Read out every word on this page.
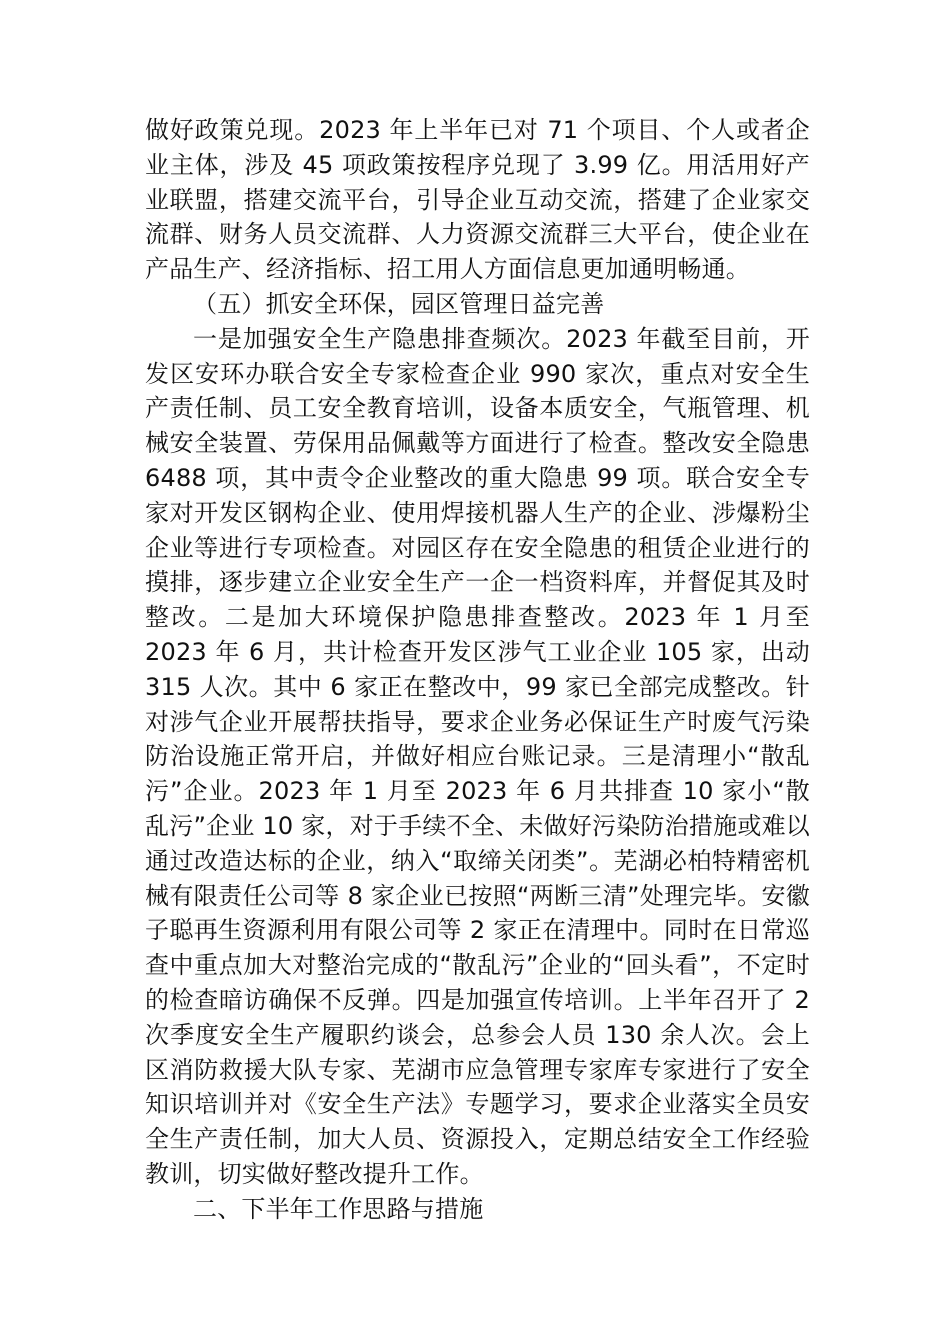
做好政策兑现。2023 年上半年已对 71 个项目、个人或者企业主体，涉及 45 项政策按程序兑现了 3.99 亿。用活用好产业联盟，搭建交流平台，引导企业互动交流，搭建了企业家交流群、财务人员交流群、人力资源交流群三大平台，使企业在产品生产、经济指标、招工用人方面信息更加通明畅通。

（五）抓安全环保，园区管理日益完善

一是加强安全生产隐患排查频次。2023 年截至目前，开发区安环办联合安全专家检查企业 990 家次，重点对安全生产责任制、员工安全教育培训，设备本质安全，气瓶管理、机械安全装置、劳保用品佩戴等方面进行了检查。整改安全隐患 6488 项，其中责令企业整改的重大隐患 99 项。联合安全专家对开发区钢构企业、使用焊接机器人生产的企业、涉爆粉尘企业等进行专项检查。对园区存在安全隐患的租赁企业进行的摸排，逐步建立企业安全生产一企一档资料库，并督促其及时整改。二是加大环境保护隐患排查整改。2023 年 1 月至 2023 年 6 月，共计检查开发区涉气工业企业 105 家，出动 315 人次。其中 6 家正在整改中，99 家已全部完成整改。针对涉气企业开展帮扶指导，要求企业务必保证生产时废气污染防治设施正常开启，并做好相应台账记录。三是清理小“散乱污”企业。2023 年 1 月至 2023 年 6 月共排查 10 家小“散乱污”企业 10 家，对于手续不全、未做好污染防治措施或难以通过改造达标的企业，纳入“取缔关闭类”。芜湖必柏特精密机械有限责任公司等 8 家企业已按照“两断三清”处理完毕。安徽子聪再生资源利用有限公司等 2 家正在清理中。同时在日常巡查中重点加大对整治完成的“散乱污”企业的“回头看”，不定时的检查暗访确保不反弹。四是加强宣传培训。上半年召开了 2 次季度安全生产履职约谈会，总参会人员 130 余人次。会上区消防救援大队专家、芜湖市应急管理专家库专家进行了安全知识培训并对《安全生产法》专题学习，要求企业落实全员安全生产责任制，加大人员、资源投入，定期总结安全工作经验教训，切实做好整改提升工作。

二、下半年工作思路与措施
